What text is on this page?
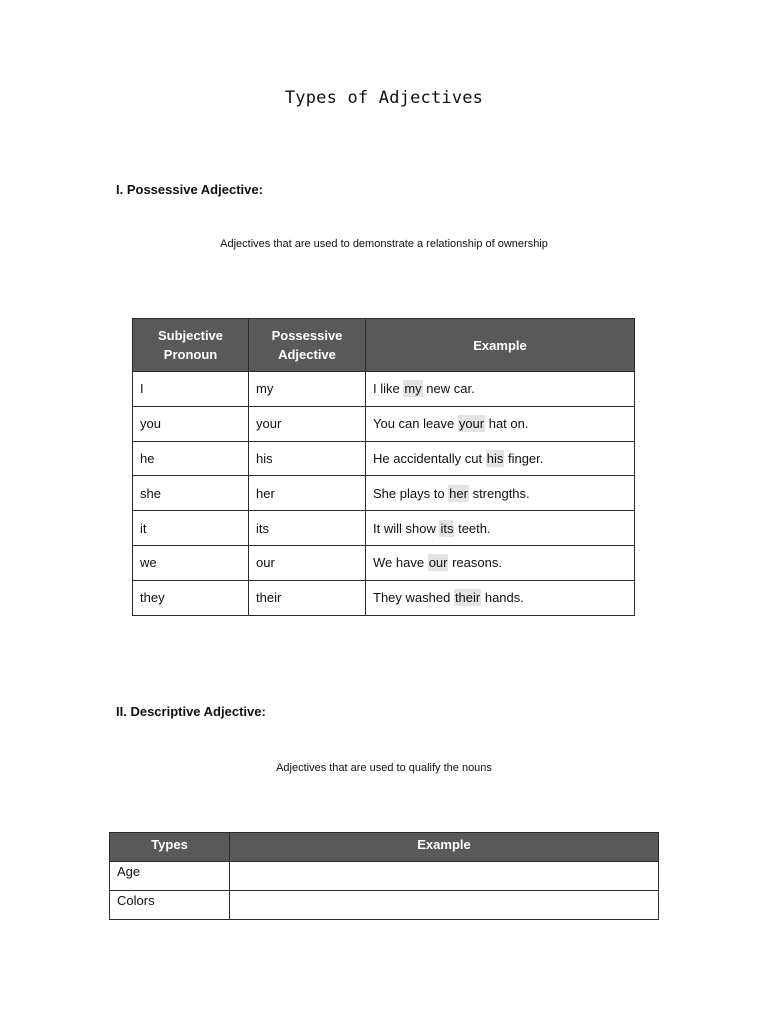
Types of Adjectives
I. Possessive Adjective:
Adjectives that are used to demonstrate a relationship of ownership
Subjective Pronoun	Possessive Adjective	Example
I	my	I like my new car.
you	your	You can leave your hat on.
he	his	He accidentally cut his finger.
she	her	She plays to her strengths.
it	its	It will show its teeth.
we	our	We have our reasons.
they	their	They washed their hands.
II. Descriptive Adjective:
Adjectives that are used to qualify the nouns
Types	Example
Age	
Colors	
